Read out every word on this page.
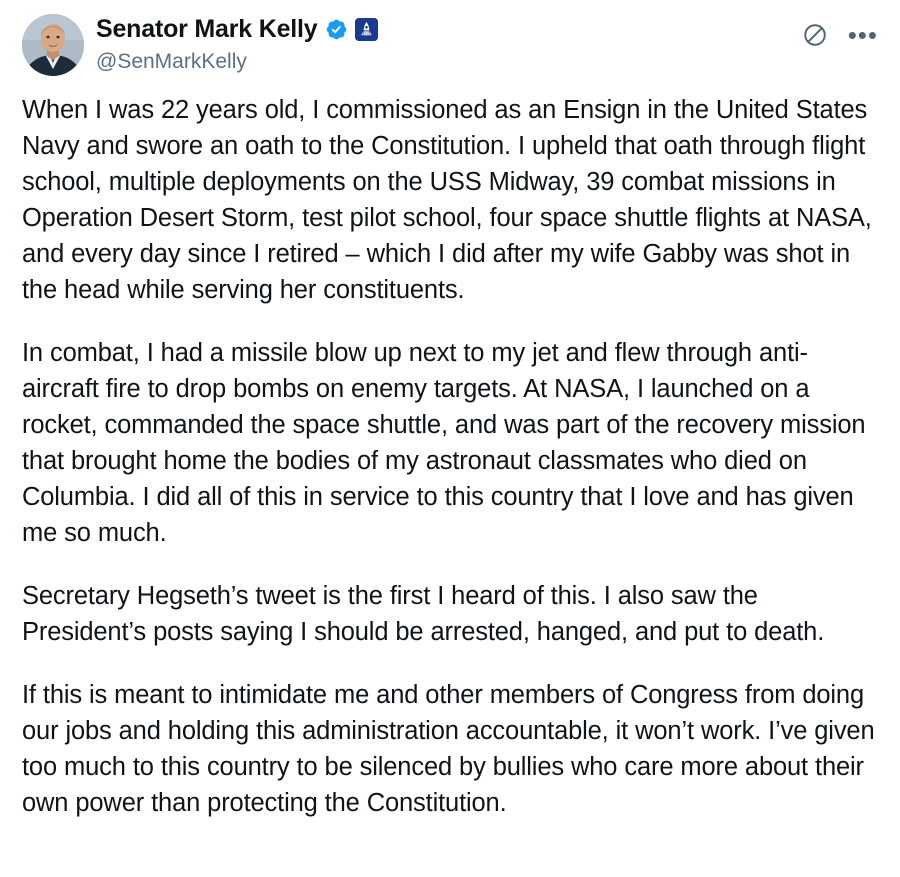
Senator Mark Kelly
@SenMarkKelly
•••

When I was 22 years old, I commissioned as an Ensign in the United States Navy and swore an oath to the Constitution. I upheld that oath through flight school, multiple deployments on the USS Midway, 39 combat missions in Operation Desert Storm, test pilot school, four space shuttle flights at NASA, and every day since I retired – which I did after my wife Gabby was shot in the head while serving her constituents.

In combat, I had a missile blow up next to my jet and flew through anti-aircraft fire to drop bombs on enemy targets. At NASA, I launched on a rocket, commanded the space shuttle, and was part of the recovery mission that brought home the bodies of my astronaut classmates who died on Columbia. I did all of this in service to this country that I love and has given me so much.

Secretary Hegseth’s tweet is the first I heard of this. I also saw the President’s posts saying I should be arrested, hanged, and put to death.

If this is meant to intimidate me and other members of Congress from doing our jobs and holding this administration accountable, it won’t work. I’ve given too much to this country to be silenced by bullies who care more about their own power than protecting the Constitution.
